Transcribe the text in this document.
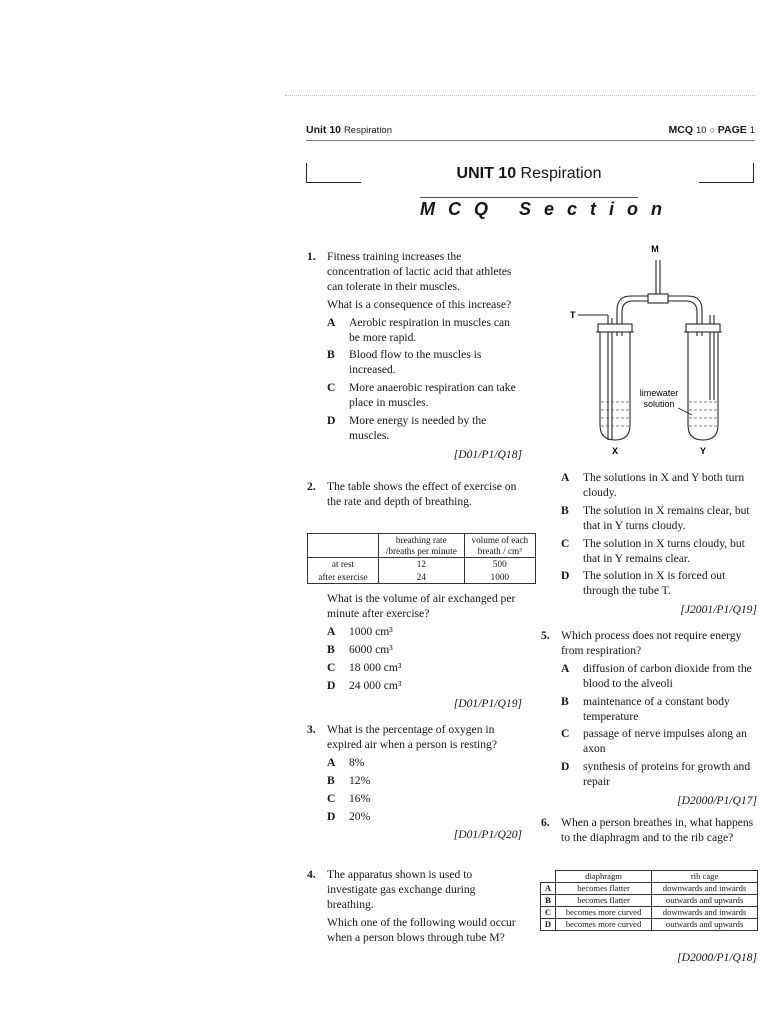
Unit 10 Respiration	MCQ 10 ○ PAGE 1
UNIT 10 Respiration
MCQ Section
1. Fitness training increases the concentration of lactic acid that athletes can tolerate in their muscles.

What is a consequence of this increase?

A Aerobic respiration in muscles can be more rapid.
B Blood flow to the muscles is increased.
C More anaerobic respiration can take place in muscles.
D More energy is needed by the muscles.
[D01/P1/Q18]
2. The table shows the effect of exercise on the rate and depth of breathing.

	breathing rate /breaths per minute	volume of each breath / cm³
at rest	12	500
after exercise	24	1000

What is the volume of air exchanged per minute after exercise?

A 1000 cm³
B 6000 cm³
C 18 000 cm³
D 24 000 cm³
[D01/P1/Q19]
3. What is the percentage of oxygen in expired air when a person is resting?

A 8%
B 12%
C 16%
D 20%
[D01/P1/Q20]
4. The apparatus shown is used to investigate gas exchange during breathing.

Which one of the following would occur when a person blows through tube M?

M
T
limewater
solution
X	Y
A The solutions in X and Y both turn cloudy.
B The solution in X remains clear, but that in Y turns cloudy.
C The solution in X turns cloudy, but that in Y remains clear.
D The solution in X is forced out through the tube T.
[J2001/P1/Q19]
5. Which process does not require energy from respiration?

A diffusion of carbon dioxide from the blood to the alveoli
B maintenance of a constant body temperature
C passage of nerve impulses along an axon
D synthesis of proteins for growth and repair
[D2000/P1/Q17]
6. When a person breathes in, what happens to the diaphragm and to the rib cage?

	diaphragm	rib cage
A	becomes flatter	downwards and inwards
B	becomes flatter	outwards and upwards
C	becomes more curved	downwards and inwards
D	becomes more curved	outwards and upwards
[D2000/P1/Q18]
